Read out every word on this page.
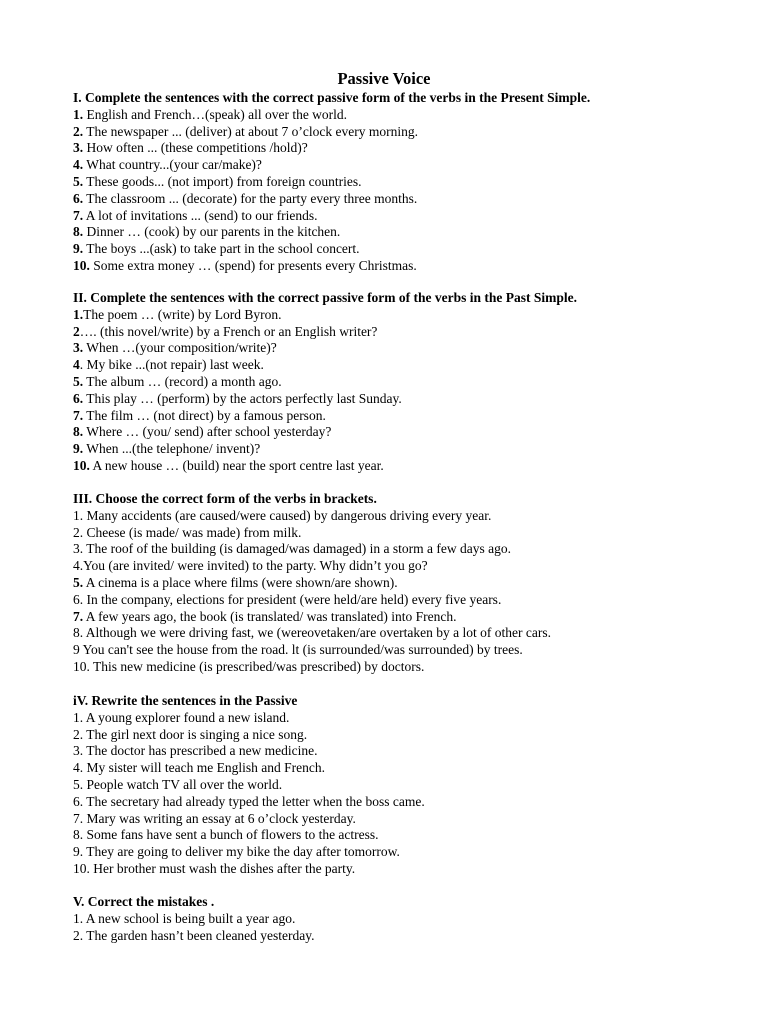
Passive Voice
I. Complete the sentences with the correct passive form of the verbs in the Present Simple.
1. English and French…(speak) all over the world.
2. The newspaper ... (deliver) at about 7 o’clock every morning.
3. How often ... (these competitions /hold)?
4. What country...(your car/make)?
5. These goods... (not import) from foreign countries.
6. The classroom ... (decorate) for the party every three months.
7. A lot of invitations ... (send) to our friends.
8. Dinner … (cook) by our parents in the kitchen.
9. The boys ...(ask) to take part in the school concert.
10. Some extra money … (spend) for presents every Christmas.
II. Complete the sentences with the correct passive form of the verbs in the Past Simple.
1.The poem … (write) by Lord Byron.
2…. (this novel/write) by a French or an English writer?
3. When …(your composition/write)?
4. My bike ...(not repair) last week.
5. The album … (record) a month ago.
6. This play … (perform) by the actors perfectly last Sunday.
7. The film … (not direct) by a famous person.
8. Where … (you/ send) after school yesterday?
9. When ...(the telephone/ invent)?
10. A new house … (build) near the sport centre last year.
III. Choose the correct form of the verbs in brackets.
1. Many accidents (are caused/were caused) by dangerous driving every year.
2. Cheese (is made/ was made) from milk.
3. The roof of the building (is damaged/was damaged) in a storm a few days ago.
4.You (are invited/ were invited) to the party. Why didn’t you go?
5. A cinema is a place where films (were shown/are shown).
6. In the company, elections for president (were held/are held) every five years.
7. A few years ago, the book (is translated/ was translated) into French.
8. Although we were driving fast, we (wereovetaken/are overtaken by a lot of other cars.
9 You can't see the house from the road. lt (is surrounded/was surrounded) by trees.
10. This new medicine (is prescribed/was prescribed) by doctors.
iV. Rewrite the sentences in the Passive
1. A young explorer found a new island.
2. The girl next door is singing a nice song.
3. The doctor has prescribed a new medicine.
4. My sister will teach me English and French.
5. People watch TV all over the world.
6. The secretary had already typed the letter when the boss came.
7. Mary was writing an essay at 6 o’clock yesterday.
8. Some fans have sent a bunch of flowers to the actress.
9. They are going to deliver my bike the day after tomorrow.
10. Her brother must wash the dishes after the party.
V. Correct the mistakes .
1. A new school is being built a year ago.
2. The garden hasn’t been cleaned yesterday.
